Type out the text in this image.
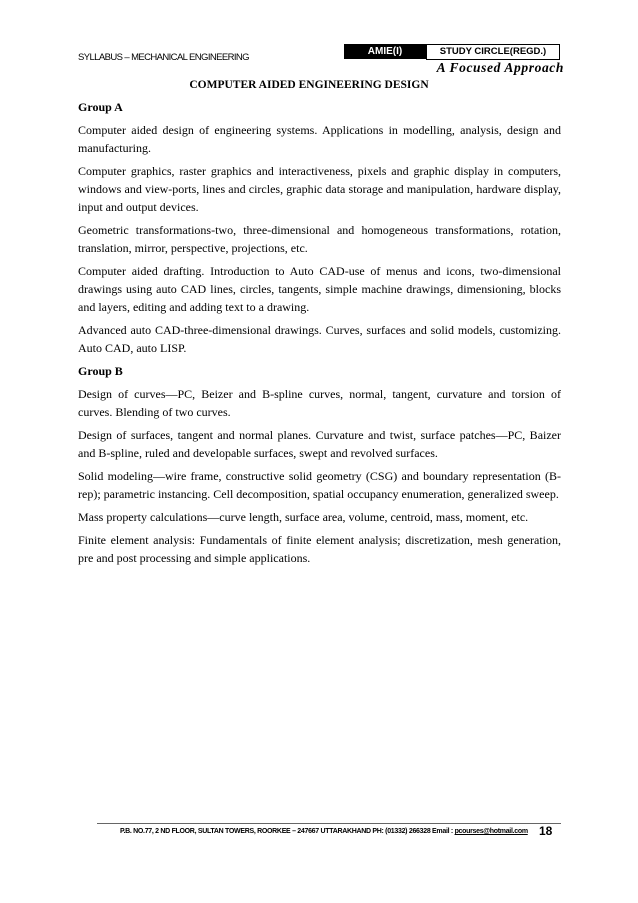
SYLLABUS – MECHANICAL ENGINEERING
AMIE(I)	STUDY CIRCLE(REGD.)
A Focused Approach
COMPUTER AIDED ENGINEERING DESIGN
Group A

Computer aided design of engineering systems. Applications in modelling, analysis, design and manufacturing.

Computer graphics, raster graphics and interactiveness, pixels and graphic display in computers, windows and view-ports, lines and circles, graphic data storage and manipulation, hardware display, input and output devices.

Geometric transformations-two, three-dimensional and homogeneous transformations, rotation, translation, mirror, perspective, projections, etc.

Computer aided drafting. Introduction to Auto CAD-use of menus and icons, two-dimensional drawings using auto CAD lines, circles, tangents, simple machine drawings, dimensioning, blocks and layers, editing and adding text to a drawing.

Advanced auto CAD-three-dimensional drawings. Curves, surfaces and solid models, customizing. Auto CAD, auto LISP.

Group B

Design of curves—PC, Beizer and B-spline curves, normal, tangent, curvature and torsion of curves. Blending of two curves.

Design of surfaces, tangent and normal planes. Curvature and twist, surface patches—PC, Baizer and B-spline, ruled and developable surfaces, swept and revolved surfaces.

Solid modeling—wire frame, constructive solid geometry (CSG) and boundary representation (B-rep); parametric instancing. Cell decomposition, spatial occupancy enumeration, generalized sweep.

Mass property calculations—curve length, surface area, volume, centroid, mass, moment, etc.

Finite element analysis: Fundamentals of finite element analysis; discretization, mesh generation, pre and post processing and simple applications.

P.B. NO.77, 2 ND FLOOR, SULTAN TOWERS, ROORKEE – 247667 UTTARAKHAND PH: (01332) 266328 Email : pcourses@hotmail.com 18
